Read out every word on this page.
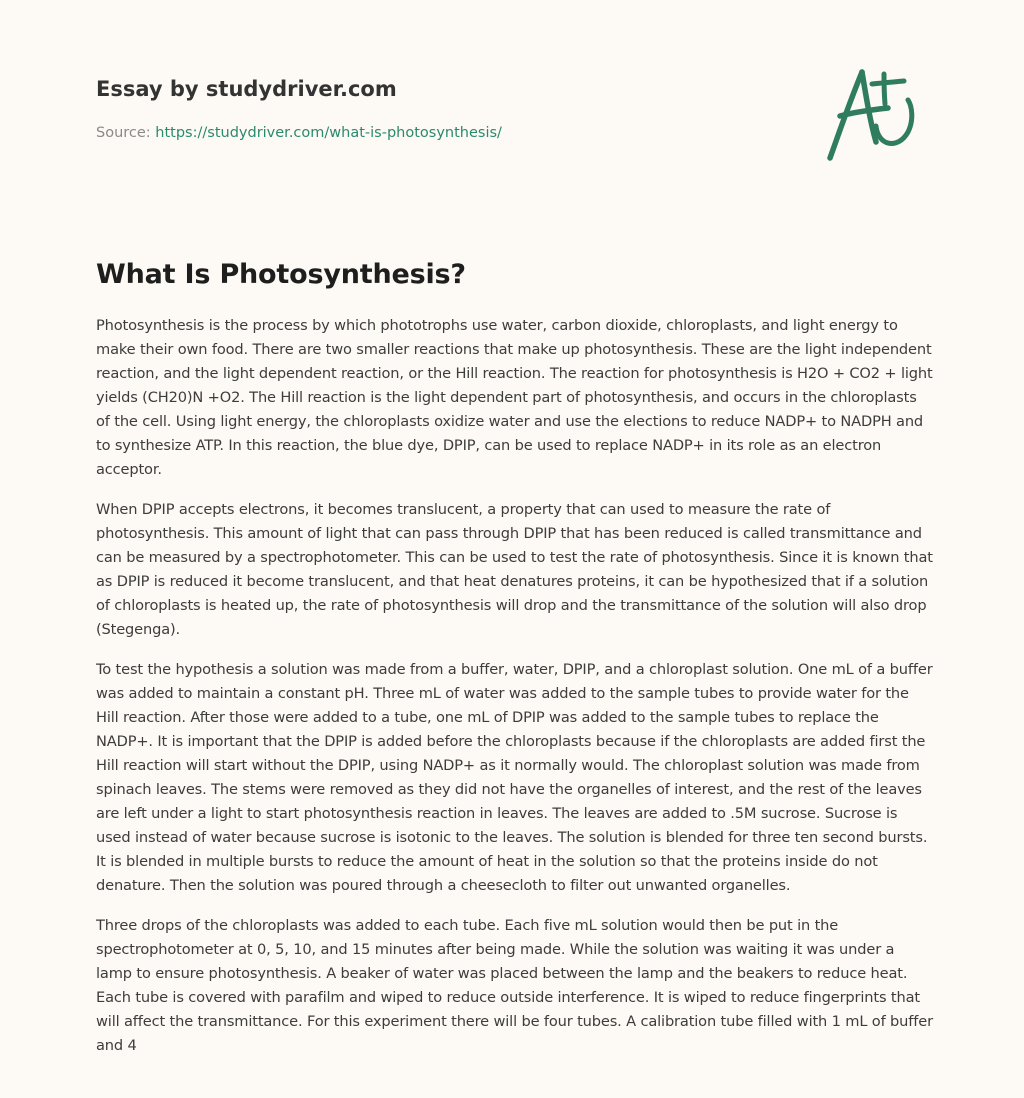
Essay by studydriver.com
Source: https://studydriver.com/what-is-photosynthesis/
What Is Photosynthesis?

Photosynthesis is the process by which phototrophs use water, carbon dioxide, chloroplasts, and light energy to make their own food. There are two smaller reactions that make up photosynthesis. These are the light independent reaction, and the light dependent reaction, or the Hill reaction. The reaction for photosynthesis is H2O + CO2 + light yields (CH20)N +O2. The Hill reaction is the light dependent part of photosynthesis, and occurs in the chloroplasts of the cell. Using light energy, the chloroplasts oxidize water and use the elections to reduce NADP+ to NADPH and to synthesize ATP. In this reaction, the blue dye, DPIP, can be used to replace NADP+ in its role as an electron acceptor.

When DPIP accepts electrons, it becomes translucent, a property that can used to measure the rate of photosynthesis. This amount of light that can pass through DPIP that has been reduced is called transmittance and can be measured by a spectrophotometer. This can be used to test the rate of photosynthesis. Since it is known that as DPIP is reduced it become translucent, and that heat denatures proteins, it can be hypothesized that if a solution of chloroplasts is heated up, the rate of photosynthesis will drop and the transmittance of the solution will also drop (Stegenga).

To test the hypothesis a solution was made from a buffer, water, DPIP, and a chloroplast solution. One mL of a buffer was added to maintain a constant pH. Three mL of water was added to the sample tubes to provide water for the Hill reaction. After those were added to a tube, one mL of DPIP was added to the sample tubes to replace the NADP+. It is important that the DPIP is added before the chloroplasts because if the chloroplasts are added first the Hill reaction will start without the DPIP, using NADP+ as it normally would. The chloroplast solution was made from spinach leaves. The stems were removed as they did not have the organelles of interest, and the rest of the leaves are left under a light to start photosynthesis reaction in leaves. The leaves are added to .5M sucrose. Sucrose is used instead of water because sucrose is isotonic to the leaves. The solution is blended for three ten second bursts. It is blended in multiple bursts to reduce the amount of heat in the solution so that the proteins inside do not denature. Then the solution was poured through a cheesecloth to filter out unwanted organelles.

Three drops of the chloroplasts was added to each tube. Each five mL solution would then be put in the spectrophotometer at 0, 5, 10, and 15 minutes after being made. While the solution was waiting it was under a lamp to ensure photosynthesis. A beaker of water was placed between the lamp and the beakers to reduce heat. Each tube is covered with parafilm and wiped to reduce outside interference. It is wiped to reduce fingerprints that will affect the transmittance. For this experiment there will be four tubes. A calibration tube filled with 1 mL of buffer and 4
